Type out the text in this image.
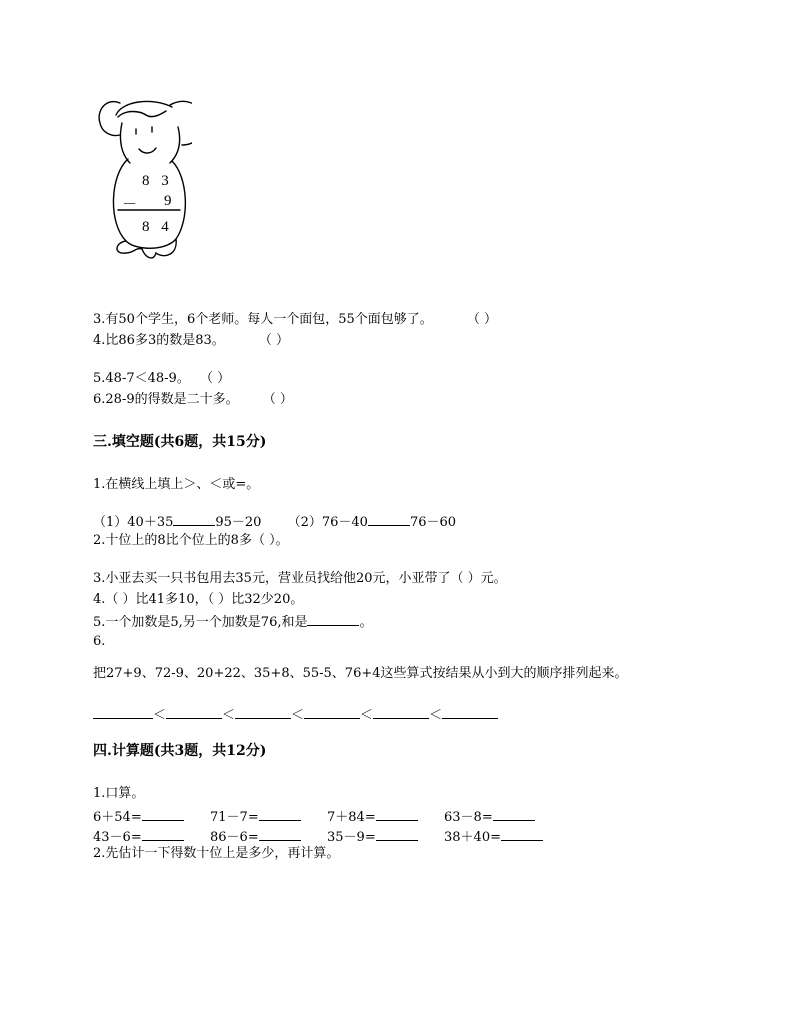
8 3
－ 9
8 4
3.有50个学生，6个老师。每人一个面包，55个面包够了。	（ ）
4.比86多3的数是83。	（ ）
5.48-7＜48-9。 （ ）
6.28-9的得数是二十多。 （ ）
三.填空题(共6题，共15分)
1.在横线上填上＞、＜或=。
（1）40＋35	95－20 （2）76－40	76－60
2.十位上的8比个位上的8多（ ）。
3.小亚去买一只书包用去35元，营业员找给他20元，小亚带了（ ）元。
4.（ ）比41多10，（ ）比32少20。
5.一个加数是5,另一个加数是76,和是	。
6.
把27+9、72-9、20+22、35+8、55-5、76+4这些算式按结果从小到大的顺序排列起来。
＜	＜	＜	＜	＜
四.计算题(共3题，共12分)
1.口算。
6＋54=	71－7=	7＋84=	63－8=
43－6=	86－6=	35－9=	38＋40=
2.先估计一下得数十位上是多少，再计算。
